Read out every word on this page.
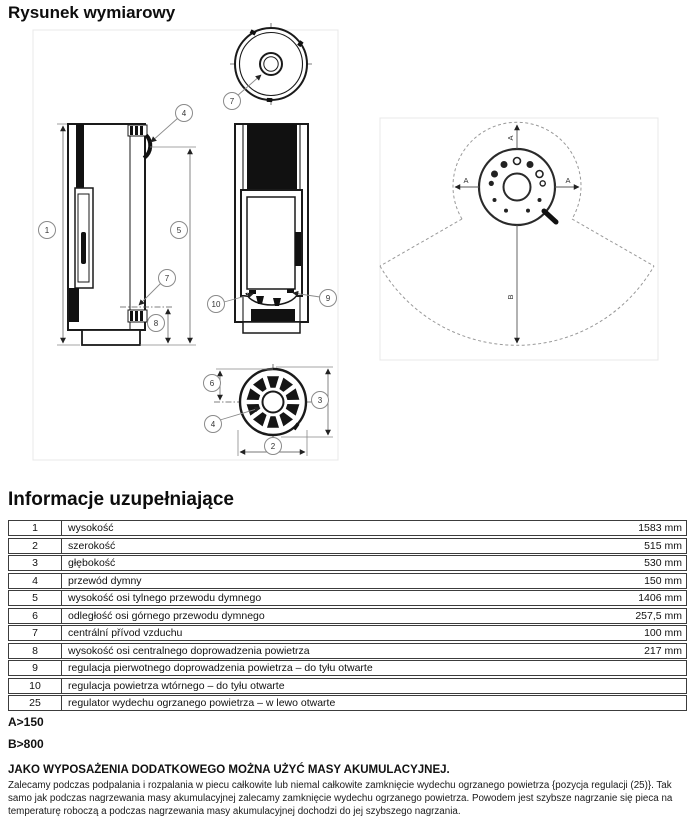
Rysunek wymiarowy
7
1
4
5
7
8
9
10
6
4
3
2
A
A	A
B
Informacje uzupełniające
1	wysokość	1583 mm
2	szerokość	515 mm
3	głębokość	530 mm
4	przewód dymny	150 mm
5	wysokość osi tylnego przewodu dymnego	1406 mm
6	odległość osi górnego przewodu dymnego	257,5 mm
7	centrální přívod vzduchu	100 mm
8	wysokość osi centralnego doprowadzenia powietrza	217 mm
9	regulacja pierwotnego doprowadzenia powietrza – do tyłu otwarte
10	regulacja powietrza wtórnego – do tyłu otwarte
25	regulator wydechu ogrzanego powietrza – w lewo otwarte
A>150
B>800
JAKO WYPOSAŻENIA DODATKOWEGO MOŻNA UŻYĆ MASY AKUMULACYJNEJ.
Zalecamy podczas podpalania i rozpalania w piecu całkowite lub niemal całkowite zamknięcie wydechu ogrzanego powietrza {pozycja regulacji (25)}. Tak samo jak podczas nagrzewania masy akumulacyjnej zalecamy zamknięcie wydechu ogrzanego powietrza. Powodem jest szybsze nagrzanie się pieca na temperaturę roboczą a podczas nagrzewania masy akumulacyjnej dochodzi do jej szybszego nagrzania.
